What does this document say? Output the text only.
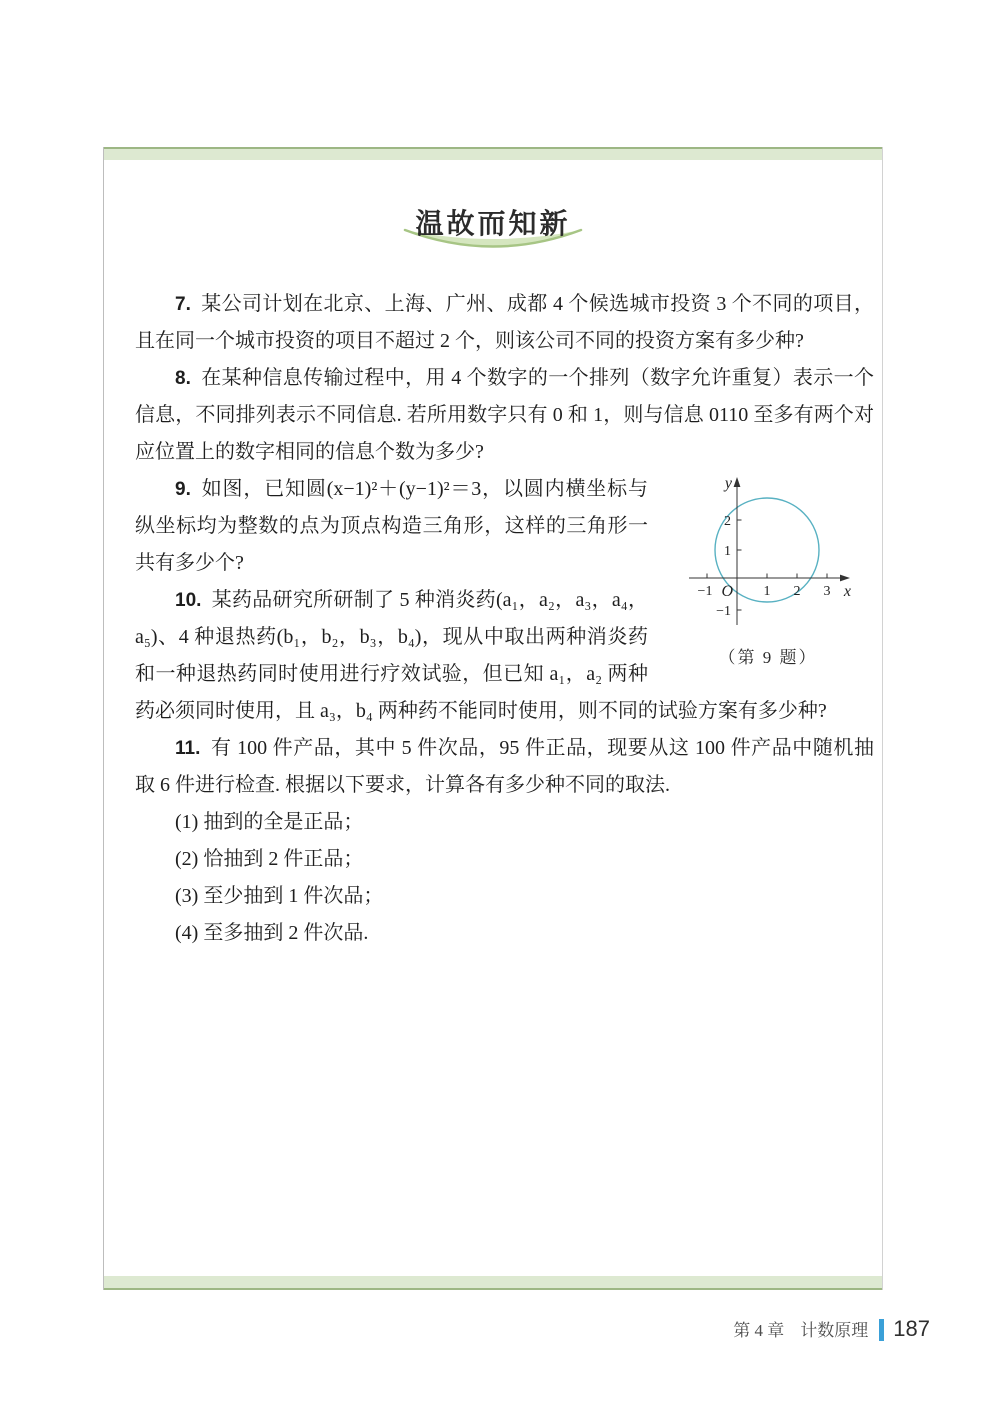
温故而知新

7. 某公司计划在北京、上海、广州、成都 4 个候选城市投资 3 个不同的项目，且在同一个城市投资的项目不超过 2 个，则该公司不同的投资方案有多少种?

8. 在某种信息传输过程中，用 4 个数字的一个排列（数字允许重复）表示一个信息，不同排列表示不同信息. 若所用数字只有 0 和 1，则与信息 0110 至多有两个对应位置上的数字相同的信息个数为多少?

y
x
O
−1	1 2 3
2
1
−1
（第 9 题）

9. 如图，已知圆(x−1)²＋(y−1)²＝3，以圆内横坐标与纵坐标均为整数的点为顶点构造三角形，这样的三角形一共有多少个?

10. 某药品研究所研制了 5 种消炎药(a₁，a₂，a₃，a₄，a₅)、4 种退热药(b₁，b₂，b₃，b₄)，现从中取出两种消炎药和一种退热药同时使用进行疗效试验，但已知 a₁，a₂ 两种药必须同时使用，且 a₃，b₄ 两种药不能同时使用，则不同的试验方案有多少种?

11. 有 100 件产品，其中 5 件次品，95 件正品，现要从这 100 件产品中随机抽取 6 件进行检查. 根据以下要求，计算各有多少种不同的取法.

(1) 抽到的全是正品；

(2) 恰抽到 2 件正品；

(3) 至少抽到 1 件次品；

(4) 至多抽到 2 件次品.

第 4 章 计数原理 187
